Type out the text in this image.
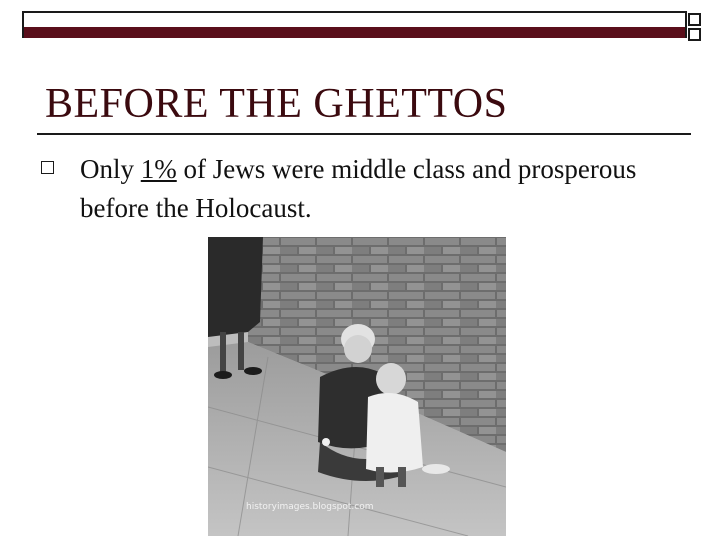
BEFORE THE GHETTOS
Only 1% of Jews were middle class and prosperous before the Holocaust.
historyimages.blogspot.com
